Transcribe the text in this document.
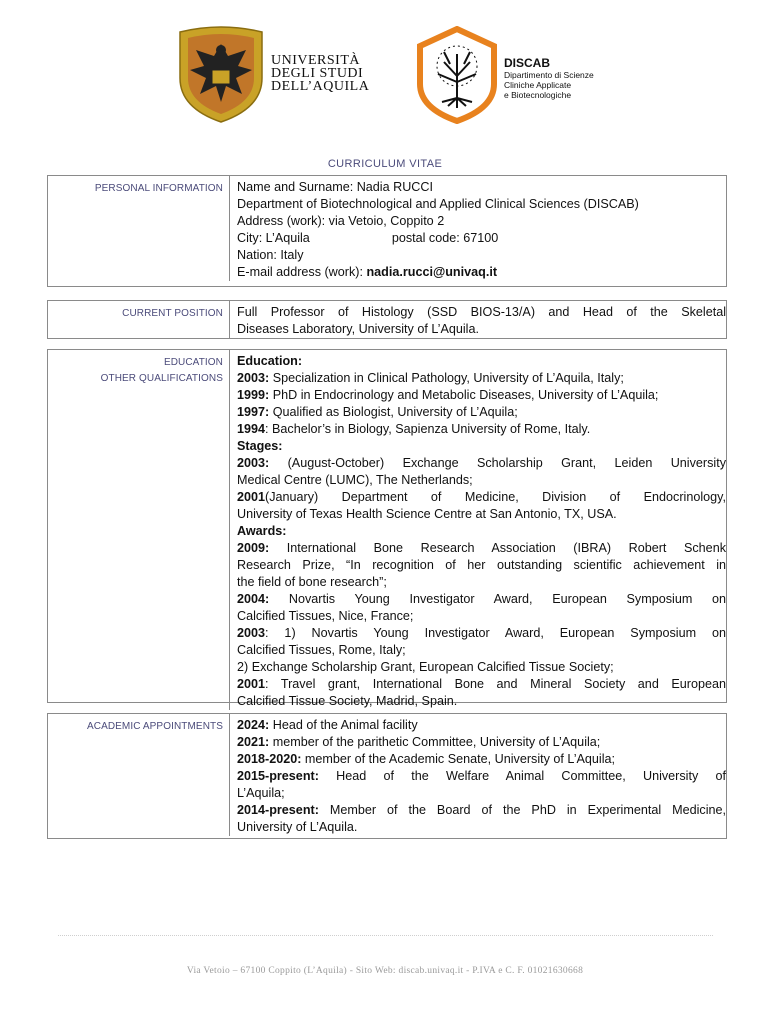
UNIVERSITÀ
DEGLI STUDI
DELL’AQUILA
DISCAB
Dipartimento di Scienze
Cliniche Applicate
e Biotecnologiche
CURRICULUM VITAE
PERSONAL INFORMATION Name and Surname: Nadia RUCCI
Department of Biotechnological and Applied Clinical Sciences (DISCAB)
Address (work): via Vetoio, Coppito 2
City: L’Aquila	postal code: 67100
Nation: Italy
E-mail address (work): nadia.rucci@univaq.it
CURRENT POSITION Full Professor of Histology (SSD BIOS-13/A) and Head of the Skeletal
Diseases Laboratory, University of L’Aquila.
EDUCATION
OTHER QUALIFICATIONS
Education:
2003: Specialization in Clinical Pathology, University of L’Aquila, Italy;
1999: PhD in Endocrinology and Metabolic Diseases, University of L’Aquila;
1997: Qualified as Biologist, University of L’Aquila;
1994: Bachelor’s in Biology, Sapienza University of Rome, Italy.
Stages:
2003: (August-October) Exchange Scholarship Grant, Leiden University
Medical Centre (LUMC), The Netherlands;
2001(January) Department of Medicine, Division of Endocrinology,
University of Texas Health Science Centre at San Antonio, TX, USA.
Awards:
2009: International Bone Research Association (IBRA) Robert Schenk
Research Prize, “In recognition of her outstanding scientific achievement in
the field of bone research”;
2004: Novartis Young Investigator Award, European Symposium on
Calcified Tissues, Nice, France;
2003: 1) Novartis Young Investigator Award, European Symposium on
Calcified Tissues, Rome, Italy;
2) Exchange Scholarship Grant, European Calcified Tissue Society;
2001: Travel grant, International Bone and Mineral Society and European
Calcified Tissue Society, Madrid, Spain.
ACADEMIC APPOINTMENTS 2024: Head of the Animal facility
2021: member of the parithetic Committee, University of L’Aquila;
2018-2020: member of the Academic Senate, University of L’Aquila;
2015-present: Head of the Welfare Animal Committee, University of
L’Aquila;
2014-present: Member of the Board of the PhD in Experimental Medicine,
University of L’Aquila.
Via Vetoio – 67100 Coppito (L’Aquila) - Sito Web: discab.univaq.it - P.IVA e C. F. 01021630668
